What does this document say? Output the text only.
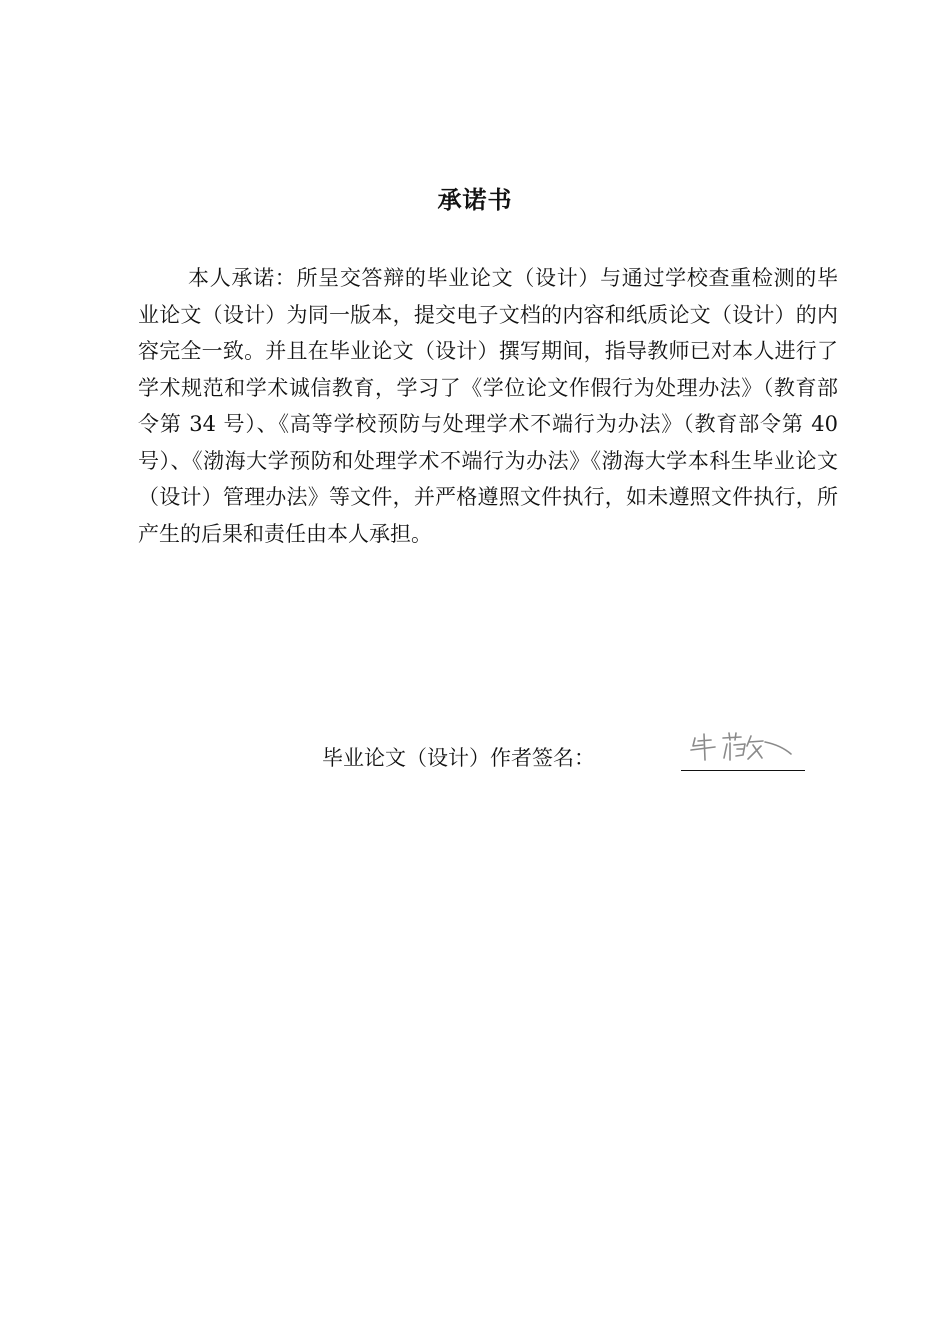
承诺书

本人承诺：所呈交答辩的毕业论文（设计）与通过学校查重检测的毕业论文（设计）为同一版本，提交电子文档的内容和纸质论文（设计）的内容完全一致。并且在毕业论文（设计）撰写期间，指导教师已对本人进行了学术规范和学术诚信教育，学习了《学位论文作假行为处理办法》（教育部令第 34 号）、《高等学校预防与处理学术不端行为办法》（教育部令第 40 号）、《渤海大学预防和处理学术不端行为办法》《渤海大学本科生毕业论文（设计）管理办法》等文件，并严格遵照文件执行，如未遵照文件执行，所产生的后果和责任由本人承担。

毕业论文（设计）作者签名：
